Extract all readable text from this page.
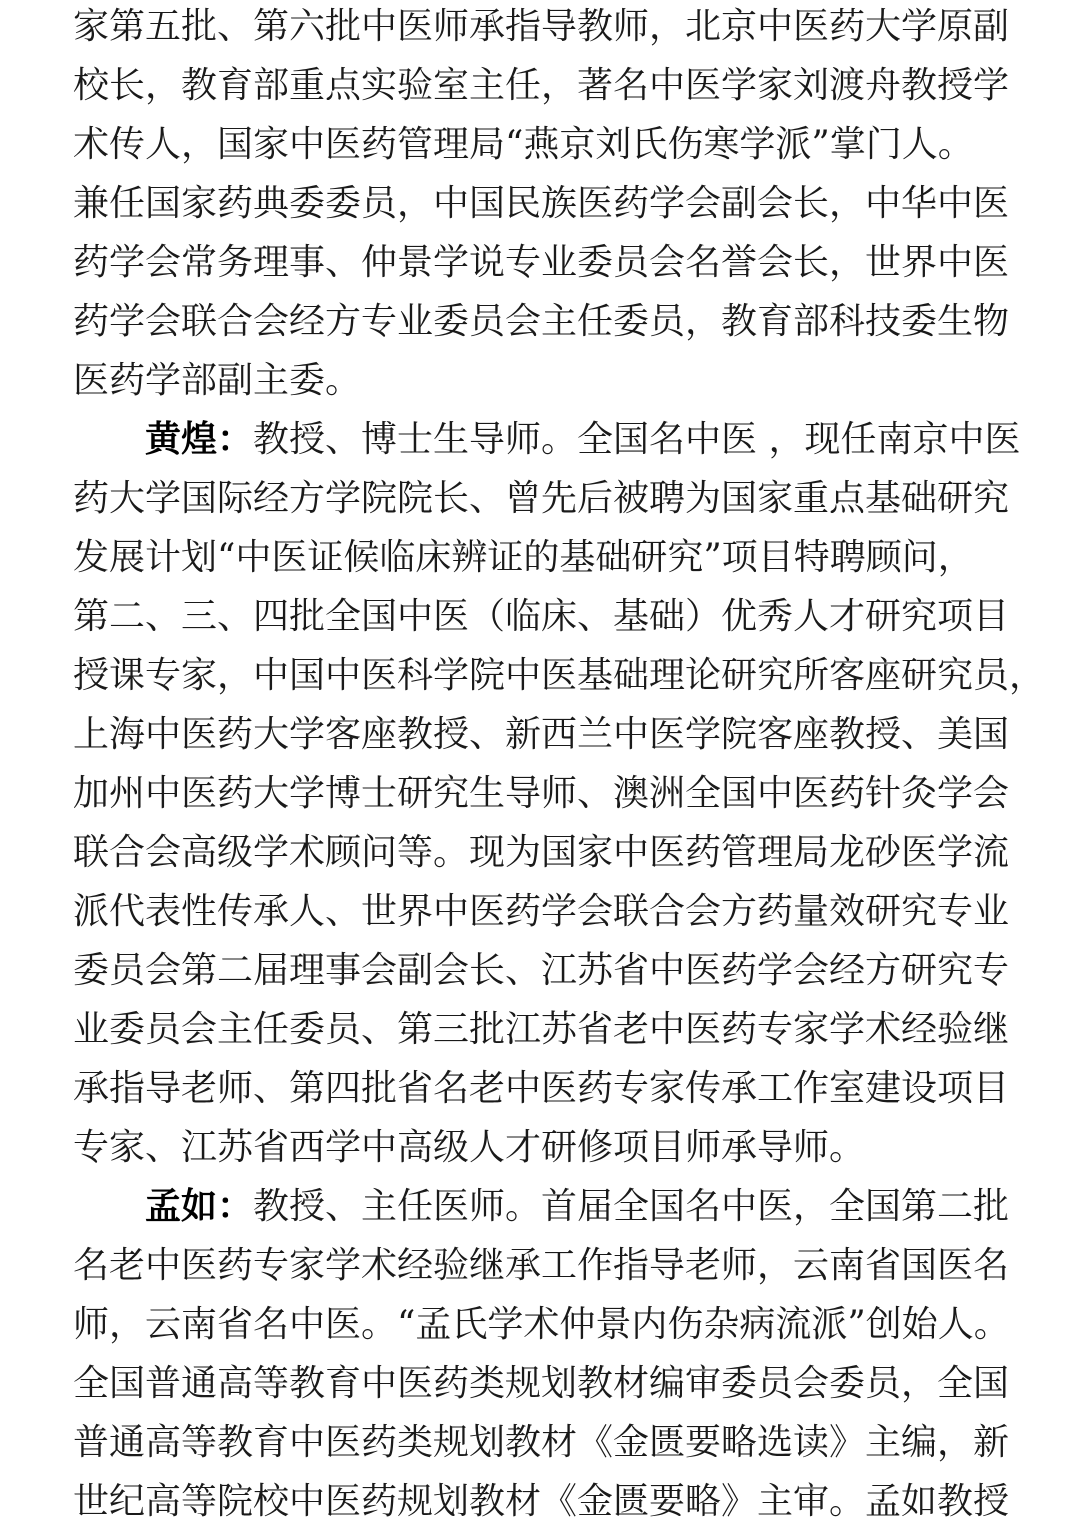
家第五批、第六批中医师承指导教师，北京中医药大学原副
校长，教育部重点实验室主任，著名中医学家刘渡舟教授学
术传人，国家中医药管理局“燕京刘氏伤寒学派”掌门人。
兼任国家药典委委员，中国民族医药学会副会长，中华中医
药学会常务理事、仲景学说专业委员会名誉会长，世界中医
药学会联合会经方专业委员会主任委员，教育部科技委生物
医药学部副主委。
黄煌：教授、博士生导师。全国名中医 ，现任南京中医
药大学国际经方学院院长、曾先后被聘为国家重点基础研究
发展计划“中医证候临床辨证的基础研究”项目特聘顾问，
第二、三、四批全国中医（临床、基础）优秀人才研究项目
授课专家，中国中医科学院中医基础理论研究所客座研究员，
上海中医药大学客座教授、新西兰中医学院客座教授、美国
加州中医药大学博士研究生导师、澳洲全国中医药针灸学会
联合会高级学术顾问等。现为国家中医药管理局龙砂医学流
派代表性传承人、世界中医药学会联合会方药量效研究专业
委员会第二届理事会副会长、江苏省中医药学会经方研究专
业委员会主任委员、第三批江苏省老中医药专家学术经验继
承指导老师、第四批省名老中医药专家传承工作室建设项目
专家、江苏省西学中高级人才研修项目师承导师。
孟如：教授、主任医师。首届全国名中医，全国第二批
名老中医药专家学术经验继承工作指导老师，云南省国医名
师，云南省名中医。“孟氏学术仲景内伤杂病流派”创始人。
全国普通高等教育中医药类规划教材编审委员会委员，全国
普通高等教育中医药类规划教材《金匮要略选读》主编，新
世纪高等院校中医药规划教材《金匮要略》主审。孟如教授
